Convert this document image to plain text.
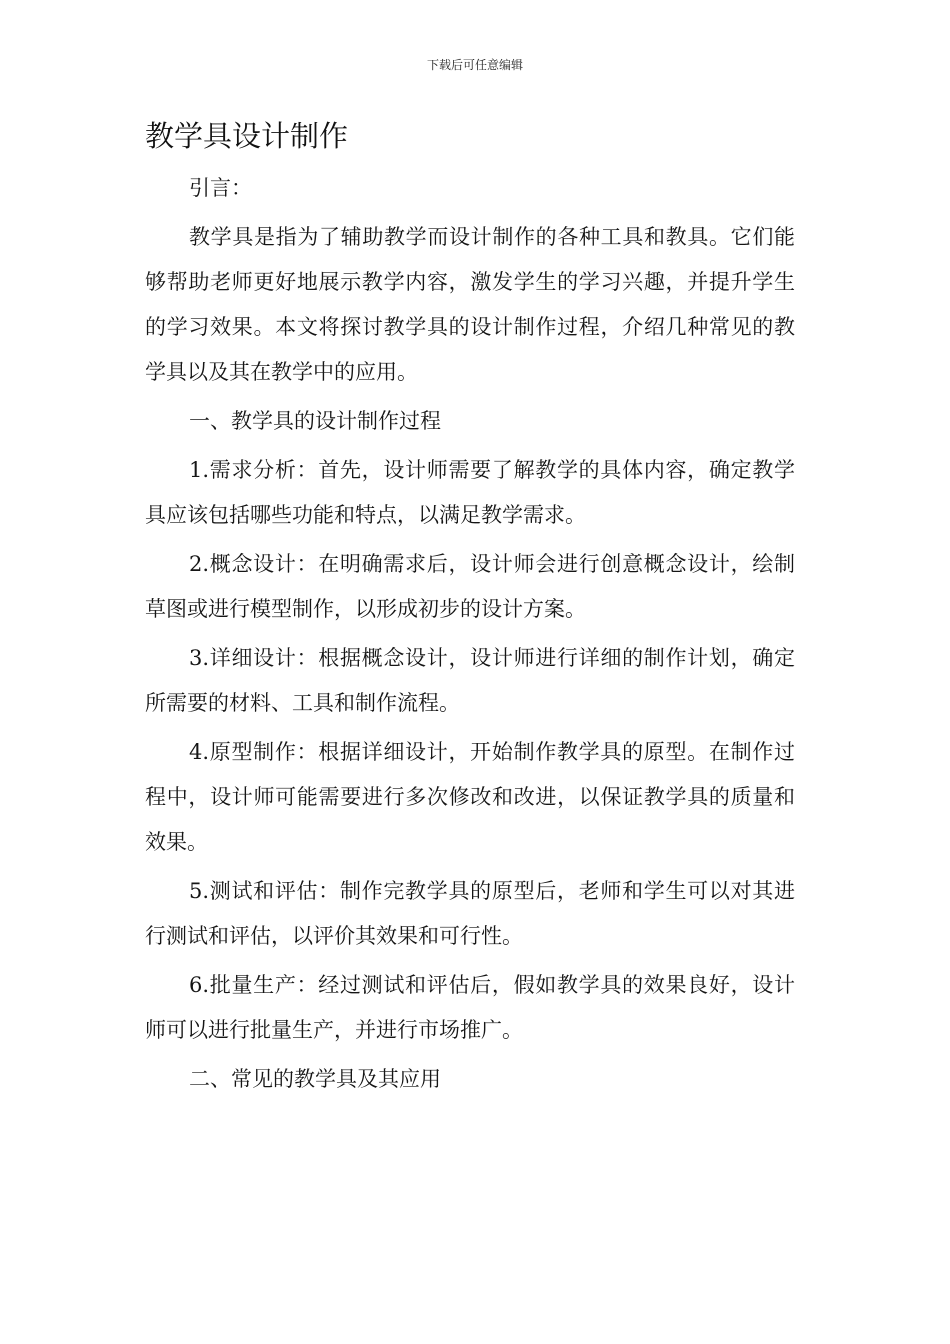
下载后可任意编辑
教学具设计制作

引言：

教学具是指为了辅助教学而设计制作的各种工具和教具。它们能够帮助老师更好地展示教学内容，激发学生的学习兴趣，并提升学生的学习效果。本文将探讨教学具的设计制作过程，介绍几种常见的教学具以及其在教学中的应用。

一、教学具的设计制作过程

1.需求分析：首先，设计师需要了解教学的具体内容，确定教学具应该包括哪些功能和特点，以满足教学需求。

2.概念设计：在明确需求后，设计师会进行创意概念设计，绘制草图或进行模型制作，以形成初步的设计方案。

3.详细设计：根据概念设计，设计师进行详细的制作计划，确定所需要的材料、工具和制作流程。

4.原型制作：根据详细设计，开始制作教学具的原型。在制作过程中，设计师可能需要进行多次修改和改进，以保证教学具的质量和效果。

5.测试和评估：制作完教学具的原型后，老师和学生可以对其进行测试和评估，以评价其效果和可行性。

6.批量生产：经过测试和评估后，假如教学具的效果良好，设计师可以进行批量生产，并进行市场推广。

二、常见的教学具及其应用
